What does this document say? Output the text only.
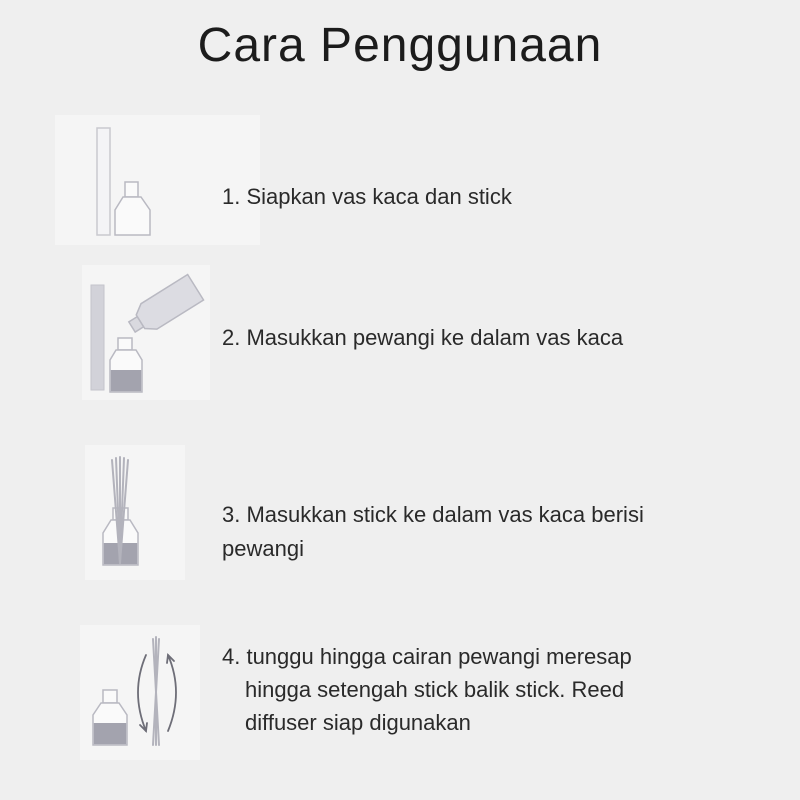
Cara Penggunaan
1. Siapkan vas kaca dan stick
2. Masukkan pewangi ke dalam vas kaca
3. Masukkan stick ke dalam vas kaca berisi
pewangi
4. tunggu hingga cairan pewangi meresap
hingga setengah stick balik stick. Reed
diffuser siap digunakan
